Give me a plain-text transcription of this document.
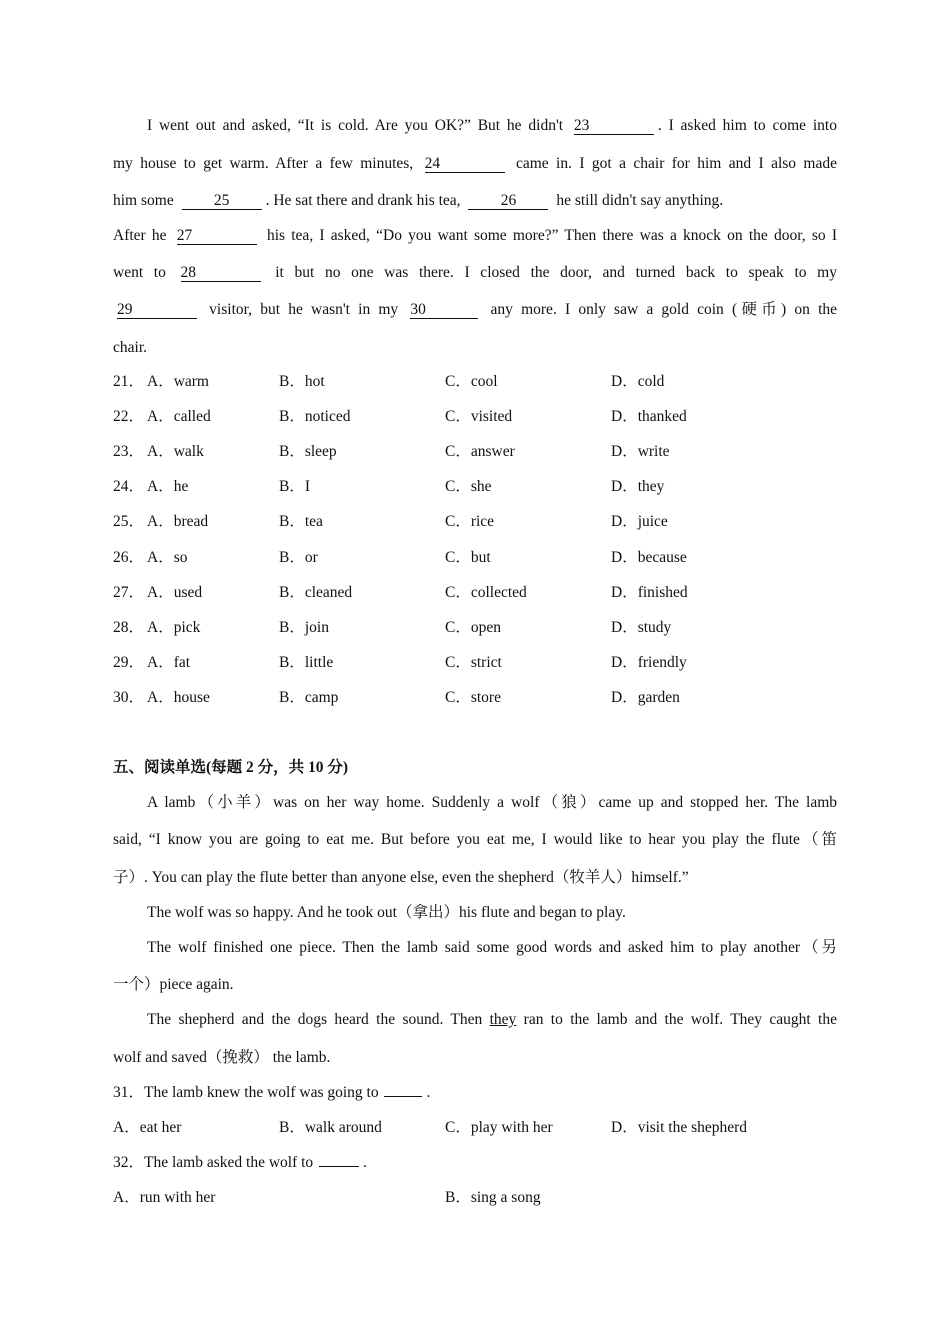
五、阅读单选(每题 2 分，共 10 分)
31．The lamb knew the wolf was going to	.
32．The lamb asked the wolf to	.
I went out and asked, “It is cold. Are you OK?” But he didn't 23	. I asked him to come into
my house to get warm. After a few minutes, 24	came in. I got a chair for him and I also made
him some 25 . He sat there and drank his tea, 26 he still didn't say anything.
After he 27	his tea, I asked, “Do you want some more?” Then there was a knock on the door, so I
went to 28	it but no one was there. I closed the door, and turned back to speak to my
29	visitor, but he wasn't in my 30	any more. I only saw a gold coin (硬币) on the
chair.
21． A．warm	B．hot	C．cool	D．cold
22． A．called	B．noticed	C．visited	D．thanked
23． A．walk	B．sleep	C．answer	D．write
24． A．he	B．I	C．she	D．they
25． A．bread	B．tea	C．rice	D．juice
26． A．so	B．or	C．but	D．because
27． A．used	B．cleaned	C．collected	D．finished
28． A．pick	B．join	C．open	D．study
29． A．fat	B．little	C．strict	D．friendly
30． A．house	B．camp	C．store	D．garden
A lamb（小羊）was on her way home. Suddenly a wolf（狼）came up and stopped her. The lamb
said, “I know you are going to eat me. But before you eat me, I would like to hear you play the flute（笛
子）. You can play the flute better than anyone else, even the shepherd（牧羊人）himself.”
The wolf was so happy. And he took out（拿出）his flute and began to play.
The wolf finished one piece. Then the lamb said some good words and asked him to play another（另
一个）piece again.
The shepherd and the dogs heard the sound. Then they ran to the lamb and the wolf. They caught the
wolf and saved（挽救） the lamb.
A．eat her	B．walk around	C．play with her	D．visit the shepherd
A．run with her	B．sing a song
